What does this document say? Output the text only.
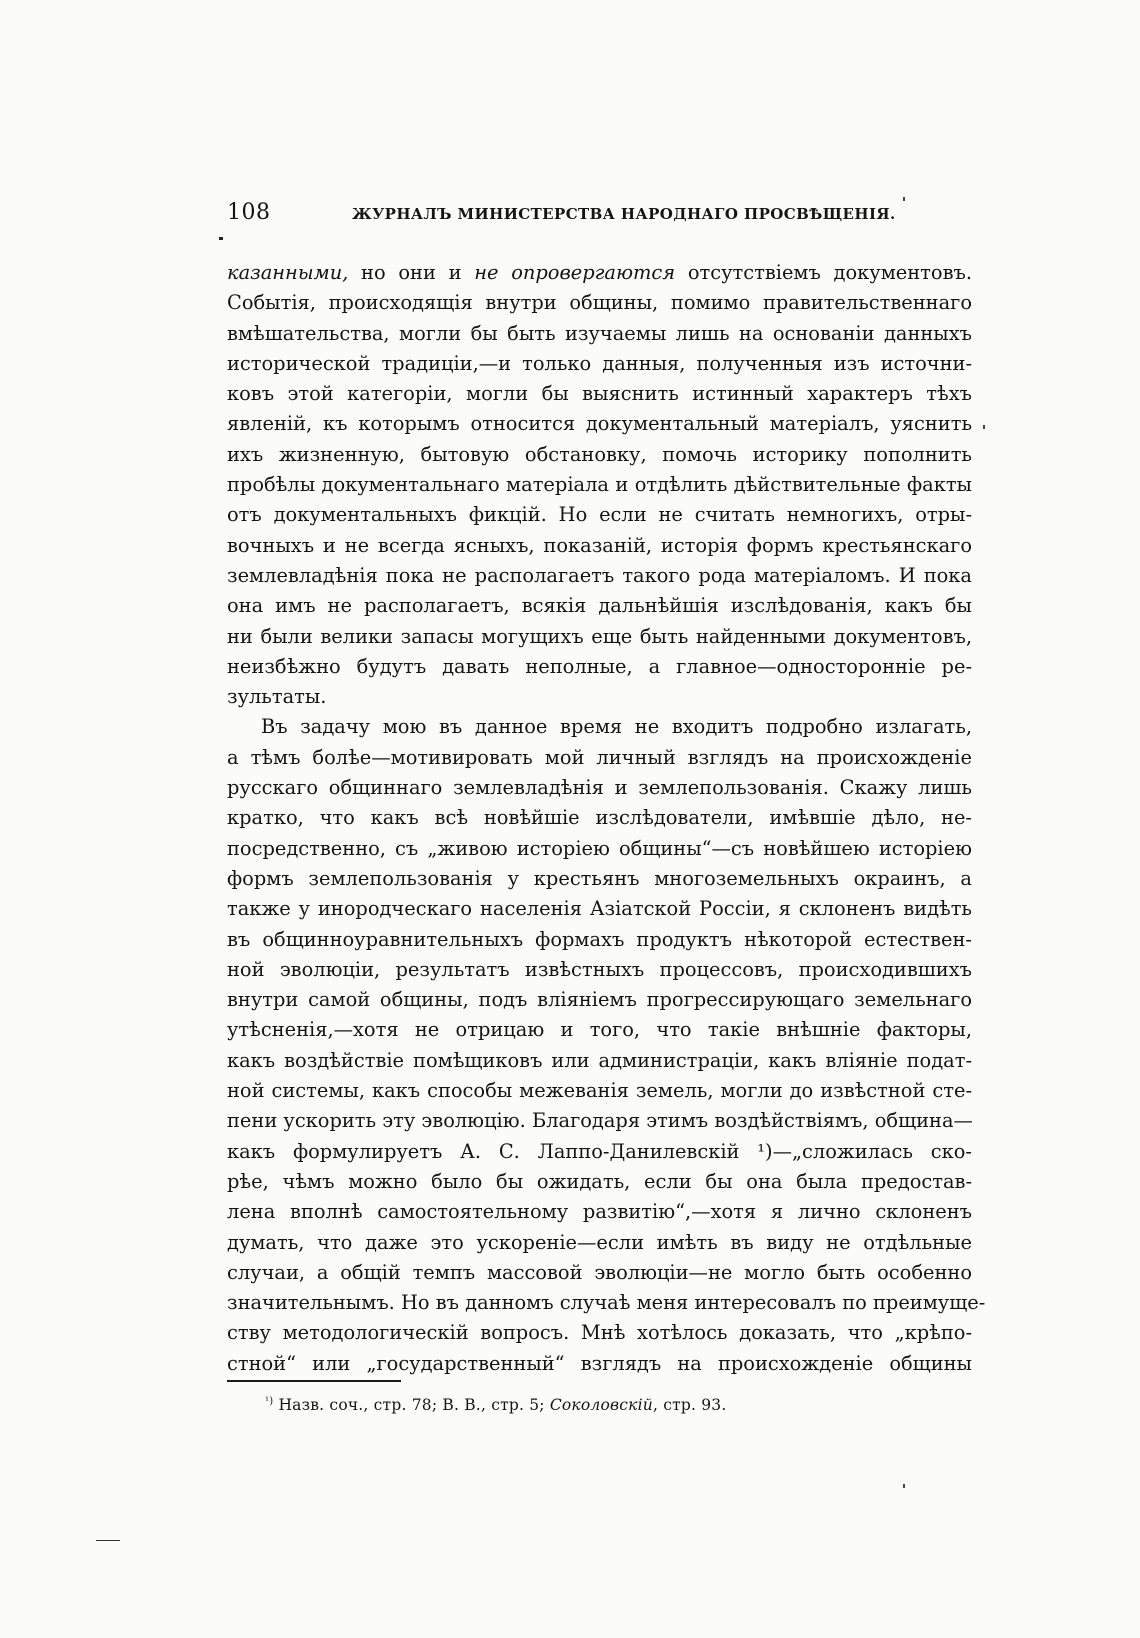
108	ЖУРНАЛЪ МИНИСТЕРСТВА НАРОДНАГО ПРОСВѢЩЕНІЯ.
казанными, но они и не опровергаются отсутствіемъ документовъ.
Событія, происходящія внутри общины, помимо правительственнаго
вмѣшательства, могли бы быть изучаемы лишь на основаніи данныхъ
исторической традиціи,—и только данныя, полученныя изъ источни-
ковъ этой категоріи, могли бы выяснить истинный характеръ тѣхъ
явленій, къ которымъ относится документальный матеріалъ, уяснить
ихъ жизненную, бытовую обстановку, помочь историку пополнить
пробѣлы документальнаго матеріала и отдѣлить дѣйствительные факты
отъ документальныхъ фикцій. Но если не считать немногихъ, отры-
вочныхъ и не всегда ясныхъ, показаній, исторія формъ крестьянскаго
землевладѣнія пока не располагаетъ такого рода матеріаломъ. И пока
она имъ не располагаетъ, всякія дальнѣйшія изслѣдованія, какъ бы
ни были велики запасы могущихъ еще быть найденными документовъ,
неизбѣжно будутъ давать неполные, а главное—односторонніе ре-
зультаты.
Въ задачу мою въ данное время не входитъ подробно излагать,
а тѣмъ болѣе—мотивировать мой личный взглядъ на происхожденіе
русскаго общиннаго землевладѣнія и землепользованія. Скажу лишь
кратко, что какъ всѣ новѣйшіе изслѣдователи, имѣвшіе дѣло, не-
посредственно, съ „живою исторіею общины“—съ новѣйшею исторіею
формъ землепользованія у крестьянъ многоземельныхъ окраинъ, а
также у инородческаго населенія Азіатской Россіи, я склоненъ видѣть
въ общинноуравнительныхъ формахъ продуктъ нѣкоторой естествен-
ной эволюціи, результатъ извѣстныхъ процессовъ, происходившихъ
внутри самой общины, подъ вліяніемъ прогрессирующаго земельнаго
утѣсненія,—хотя не отрицаю и того, что такіе внѣшніе факторы,
какъ воздѣйствіе помѣщиковъ или администраціи, какъ вліяніе подат-
ной системы, какъ способы межеванія земель, могли до извѣстной сте-
пени ускорить эту эволюцію. Благодаря этимъ воздѣйствіямъ, община—
какъ формулируетъ А. С. Лаппо-Данилевскій ¹)—„сложилась ско-
рѣе, чѣмъ можно было бы ожидать, если бы она была предостав-
лена вполнѣ самостоятельному развитію“,—хотя я лично склоненъ
думать, что даже это ускореніе—если имѣть въ виду не отдѣльные
случаи, а общій темпъ массовой эволюціи—не могло быть особенно
значительнымъ. Но въ данномъ случаѣ меня интересовалъ по преимуще-
ству методологическій вопросъ. Мнѣ хотѣлось доказать, что „крѣпо-
стной“ или „государственный“ взглядъ на происхожденіе общины
$^{^1)}$ Назв. соч., стр. 78; В. В., стр. 5; Соколовскій, стр. 93.
